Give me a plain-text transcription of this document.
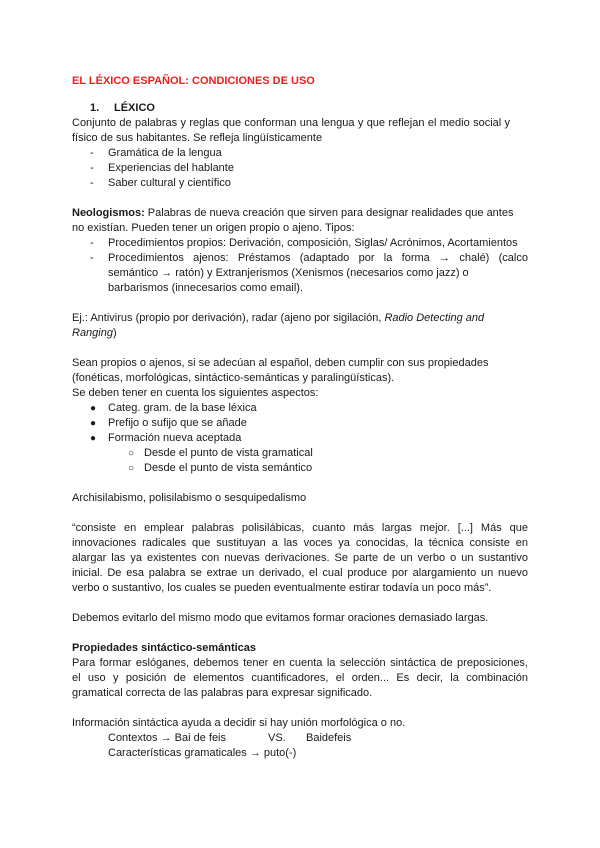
EL LÉXICO ESPAÑOL: CONDICIONES DE USO
1. LÉXICO
Conjunto de palabras y reglas que conforman una lengua y que reflejan el medio social y
físico de sus habitantes. Se refleja lingüísticamente
- Gramática de la lengua
- Experiencias del hablante
- Saber cultural y científico
Neologismos: Palabras de nueva creación que sirven para designar realidades que antes
no existían. Pueden tener un origen propio o ajeno. Tipos:
- Procedimientos propios: Derivación, composición, Siglas/ Acrónimos, Acortamientos
- Procedimientos ajenos: Préstamos (adaptado por la forma → chalé) (calco
semántico → ratón) y Extranjerismos (Xenismos (necesarios como jazz) o
barbarismos (innecesarios como email).
Ej.: Antivirus (propio por derivación), radar (ajeno por sigilación, Radio Detecting and
Ranging)
Sean propios o ajenos, si se adecúan al español, deben cumplir con sus propiedades
(fonéticas, morfológicas, sintáctico-semánticas y paralingüísticas).
Se deben tener en cuenta los siguientes aspectos:
● Categ. gram. de la base léxica
● Prefijo o sufijo que se añade
● Formación nueva aceptada
○ Desde el punto de vista gramatical
○ Desde el punto de vista semántico
Archisilabismo, polisilabismo o sesquipedalismo
“consiste en emplear palabras polisilábicas, cuanto más largas mejor. [...] Más que
innovaciones radicales que sustituyan a las voces ya conocidas, la técnica consiste en
alargar las ya existentes con nuevas derivaciones. Se parte de un verbo o un sustantivo
inicial. De esa palabra se extrae un derivado, el cual produce por alargamiento un nuevo
verbo o sustantivo, los cuales se pueden eventualmente estirar todavía un poco más”.
Debemos evitarlo del mismo modo que evitamos formar oraciones demasiado largas.
Propiedades sintáctico-semánticas
Para formar eslóganes, debemos tener en cuenta la selección sintáctica de preposiciones,
el uso y posición de elementos cuantificadores, el orden... Es decir, la combinación
gramatical correcta de las palabras para expresar significado.
Información sintáctica ayuda a decidir si hay unión morfológica o no.
Contextos → Bai de feis	VS. Baidefeis
Características gramaticales → puto(-)
